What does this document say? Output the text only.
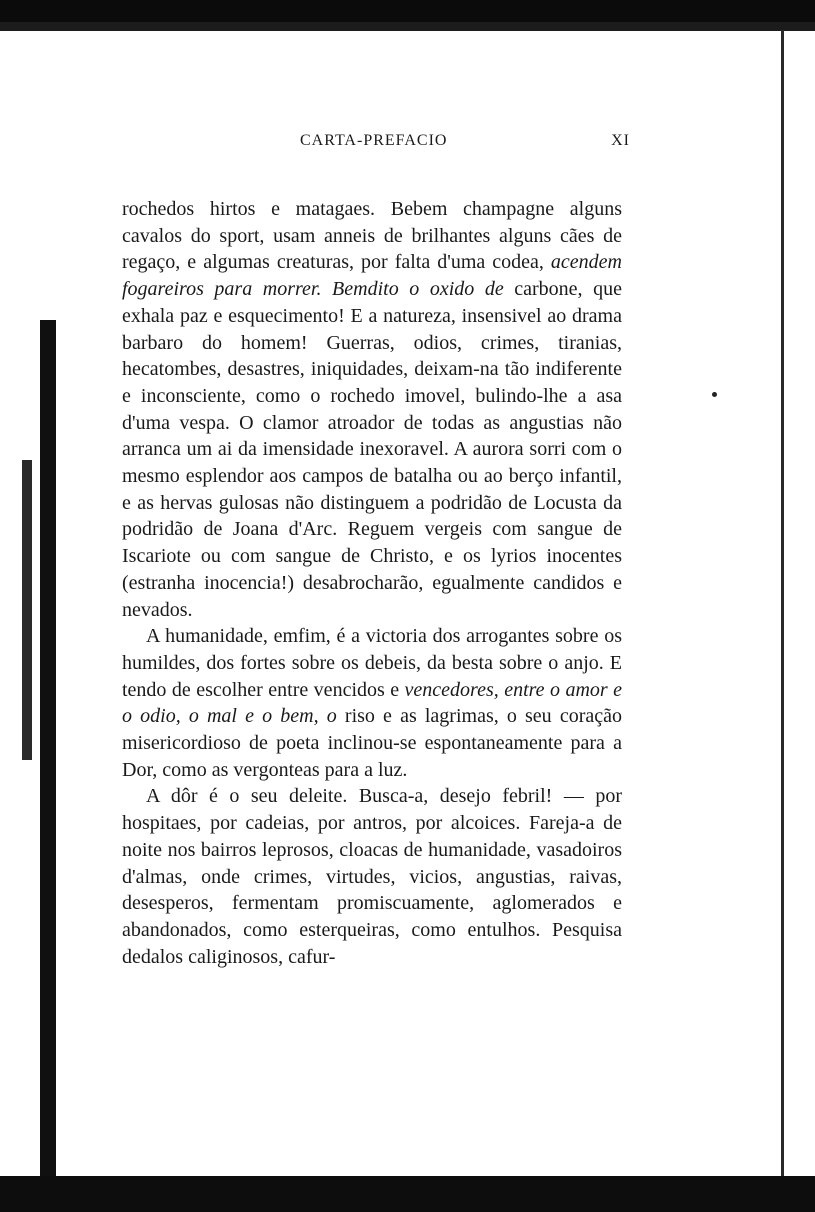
CARTA-PREFACIO	XI

rochedos hirtos e matagaes. Bebem champagne alguns cavalos do sport, usam anneis de brilhantes alguns cães de regaço, e algumas creaturas, por falta d'uma codea, acendem fogareiros para morrer. Bemdito o oxido de carbone, que exhala paz e esquecimento! E a natureza, insensivel ao drama barbaro do homem! Guerras, odios, crimes, tiranias, hecatombes, desastres, iniquidades, deixam-na tão indiferente e inconsciente, como o rochedo imovel, bulindo-lhe a asa d'uma vespa. O clamor atroador de todas as angustias não arranca um ai da imensidade inexoravel. A aurora sorri com o mesmo esplendor aos campos de batalha ou ao berço infantil, e as hervas gulosas não distinguem a podridão de Locusta da podridão de Joana d'Arc. Reguem vergeis com sangue de Iscariote ou com sangue de Christo, e os lyrios inocentes (estranha inocencia!) desabrocharão, egualmente candidos e nevados.

A humanidade, emfim, é a victoria dos arrogantes sobre os humildes, dos fortes sobre os debeis, da besta sobre o anjo. E tendo de escolher entre vencidos e vencedores, entre o amor e o odio, o mal e o bem, o riso e as lagrimas, o seu coração misericordioso de poeta inclinou-se espontaneamente para a Dor, como as vergonteas para a luz.

A dôr é o seu deleite. Busca-a, desejo febril! — por hospitaes, por cadeias, por antros, por alcoices. Fareja-a de noite nos bairros leprosos, cloacas de humanidade, vasadoiros d'almas, onde crimes, virtudes, vicios, angustias, raivas, desesperos, fermentam promiscuamente, aglomerados e abandonados, como esterqueiras, como entulhos. Pesquisa dedalos caliginosos, cafur-
